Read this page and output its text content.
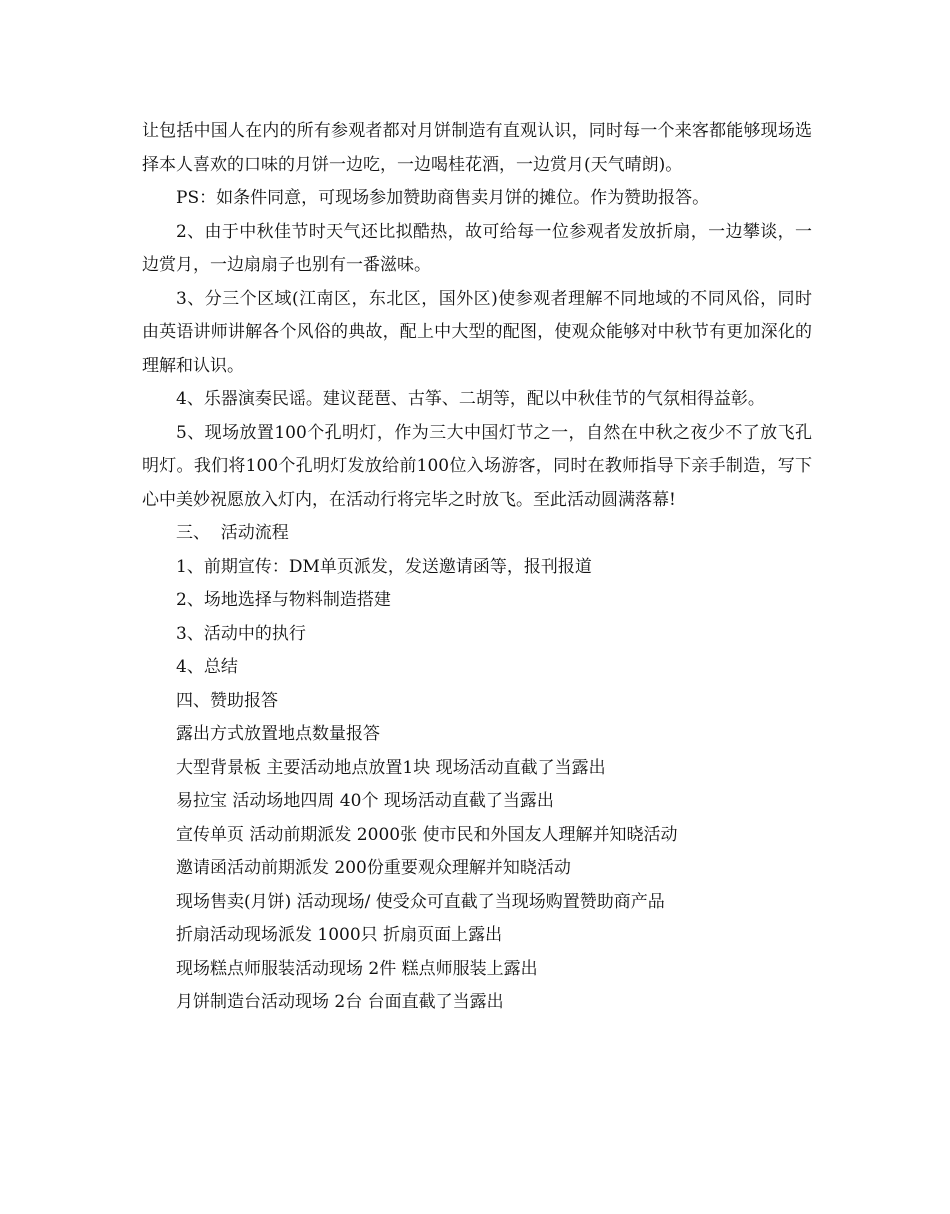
让包括中国人在内的所有参观者都对月饼制造有直观认识，同时每一个来客都能够现场选择本人喜欢的口味的月饼一边吃，一边喝桂花酒，一边赏月(天气晴朗)。

PS：如条件同意，可现场参加赞助商售卖月饼的摊位。作为赞助报答。

2、由于中秋佳节时天气还比拟酷热，故可给每一位参观者发放折扇，一边攀谈，一边赏月，一边扇扇子也别有一番滋味。

3、分三个区域(江南区，东北区，国外区)使参观者理解不同地域的不同风俗，同时由英语讲师讲解各个风俗的典故，配上中大型的配图，使观众能够对中秋节有更加深化的理解和认识。

4、乐器演奏民谣。建议琵琶、古筝、二胡等，配以中秋佳节的气氛相得益彰。

5、现场放置100个孔明灯，作为三大中国灯节之一，自然在中秋之夜少不了放飞孔明灯。我们将100个孔明灯发放给前100位入场游客，同时在教师指导下亲手制造，写下心中美妙祝愿放入灯内，在活动行将完毕之时放飞。至此活动圆满落幕!

三、  活动流程

1、前期宣传：DM单页派发，发送邀请函等，报刊报道

2、场地选择与物料制造搭建

3、活动中的执行

4、总结

四、赞助报答

露出方式放置地点数量报答

大型背景板 主要活动地点放置1块 现场活动直截了当露出

易拉宝 活动场地四周 40个 现场活动直截了当露出

宣传单页 活动前期派发 2000张 使市民和外国友人理解并知晓活动

邀请函活动前期派发 200份重要观众理解并知晓活动

现场售卖(月饼) 活动现场/ 使受众可直截了当现场购置赞助商产品

折扇活动现场派发 1000只 折扇页面上露出

现场糕点师服装活动现场 2件 糕点师服装上露出

月饼制造台活动现场 2台 台面直截了当露出
